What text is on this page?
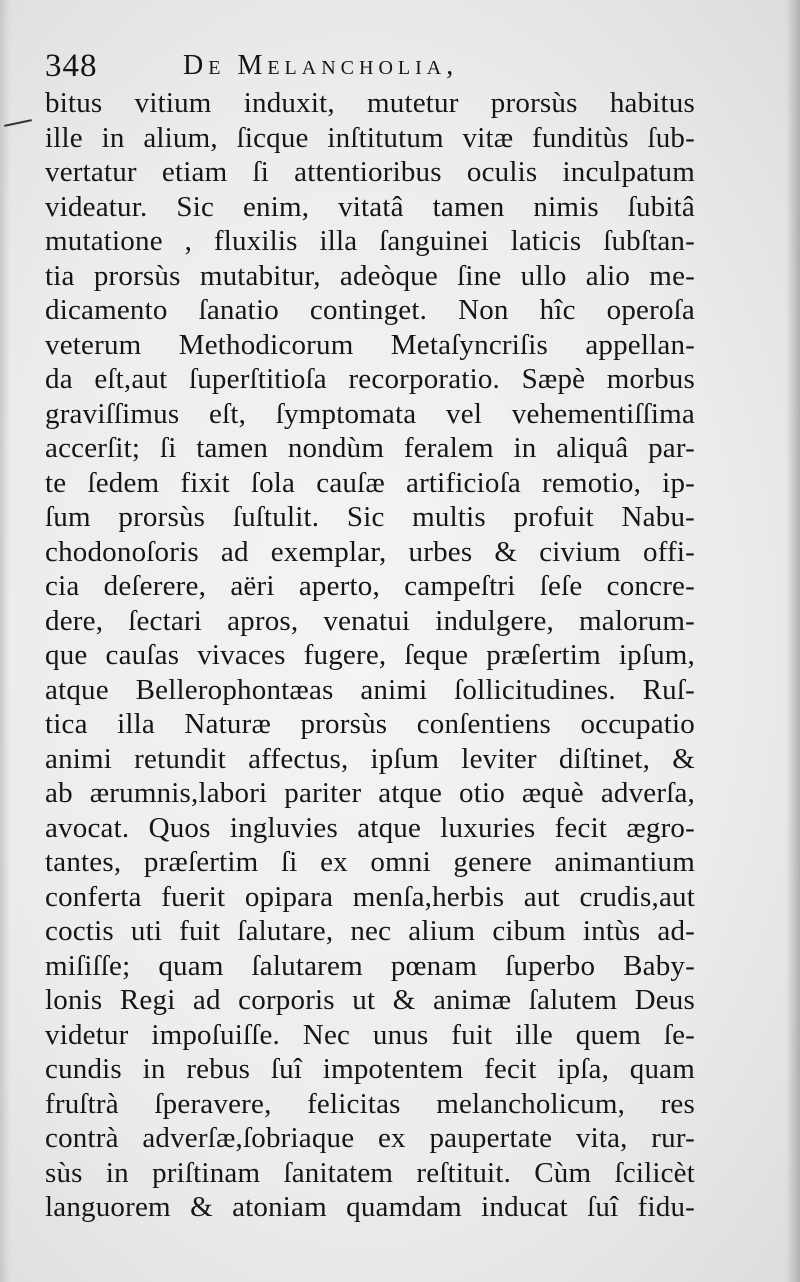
348	De Melancholia,
bitus vitium induxit, mutetur prorsùs habitus
ille in alium, ſicque inſtitutum vitæ funditùs ſub-
vertatur etiam ſi attentioribus oculis inculpatum
videatur. Sic enim, vitatâ tamen nimis ſubitâ
mutatione , fluxilis illa ſanguinei laticis ſubſtan-
tia prorsùs mutabitur, adeòque ſine ullo alio me-
dicamento ſanatio continget. Non hîc operoſa
veterum Methodicorum Metaſyncriſis appellan-
da eſt,aut ſuperſtitioſa recorporatio. Sæpè morbus
graviſſimus eſt, ſymptomata vel vehementiſſima
accerſit; ſi tamen nondùm feralem in aliquâ par-
te ſedem fixit ſola cauſæ artificioſa remotio, ip-
ſum prorsùs ſuſtulit. Sic multis profuit Nabu-
chodonoſoris ad exemplar, urbes & civium offi-
cia deſerere, aëri aperto, campeſtri ſeſe concre-
dere, ſectari apros, venatui indulgere, malorum-
que cauſas vivaces fugere, ſeque præſertim ipſum,
atque Bellerophontæas animi ſollicitudines. Ruſ-
tica illa Naturæ prorsùs conſentiens occupatio
animi retundit affectus, ipſum leviter diſtinet, &
ab ærumnis,labori pariter atque otio æquè adverſa,
avocat. Quos ingluvies atque luxuries fecit ægro-
tantes, præſertim ſi ex omni genere animantium
conferta fuerit opipara menſa,herbis aut crudis,aut
coctis uti fuit ſalutare, nec alium cibum intùs ad-
miſiſſe; quam ſalutarem pœnam ſuperbo Baby-
lonis Regi ad corporis ut & animæ ſalutem Deus
videtur impoſuiſſe. Nec unus fuit ille quem ſe-
cundis in rebus ſuî impotentem fecit ipſa, quam
fruſtrà ſperavere, felicitas melancholicum, res
contrà adverſæ,ſobriaque ex paupertate vita, rur-
sùs in priſtinam ſanitatem reſtituit. Cùm ſcilicèt
languorem & atoniam quamdam inducat ſuî fidu-
